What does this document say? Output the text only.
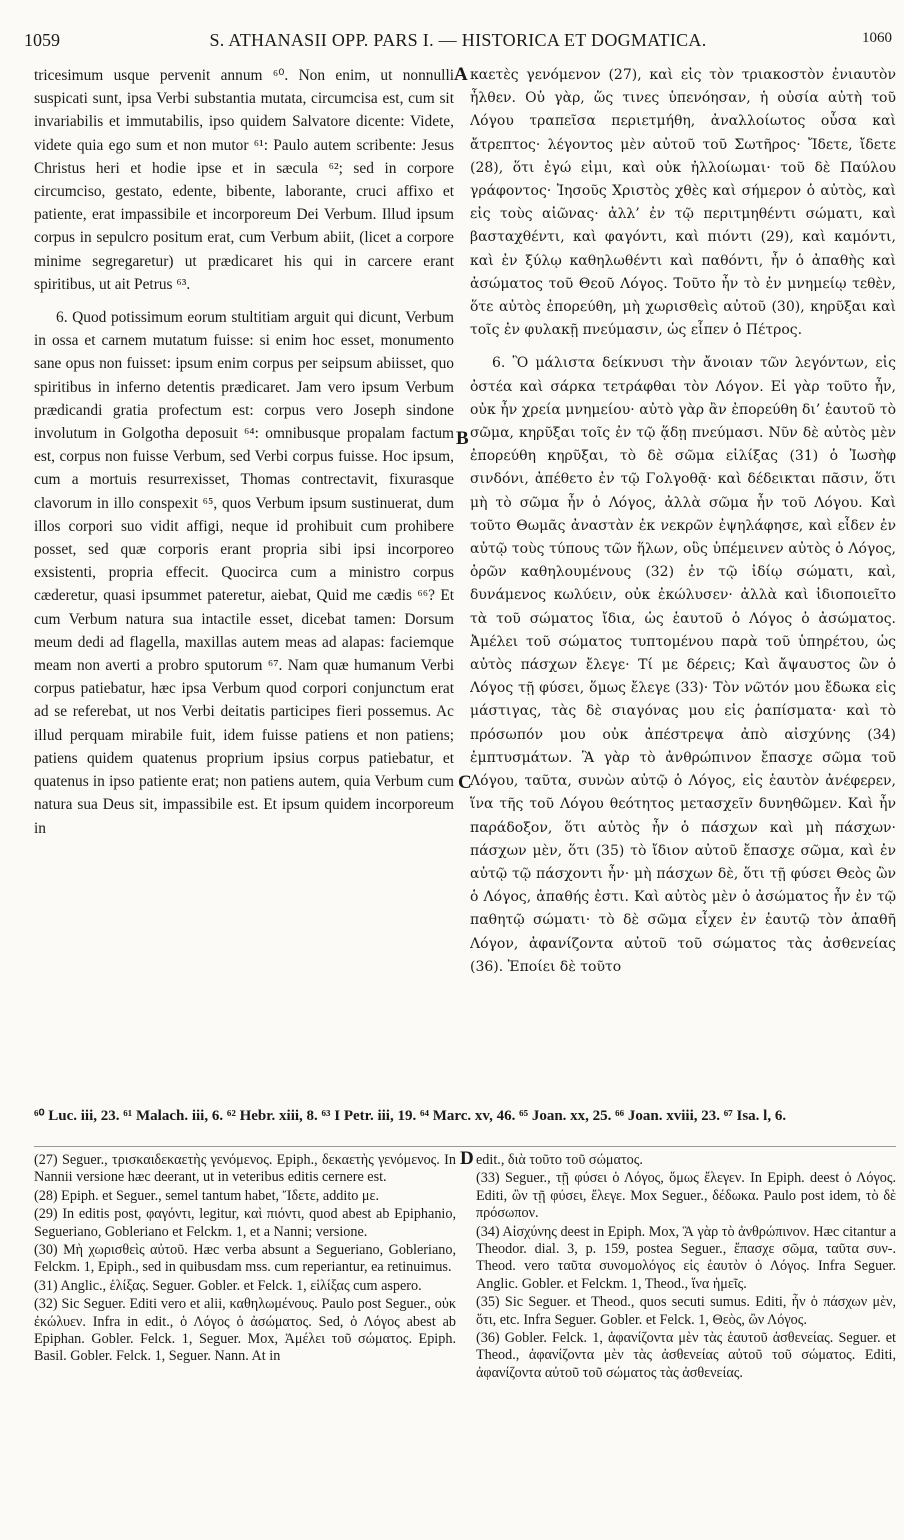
1059	S. ATHANASII OPP. PARS I. — HISTORICA ET DOGMATICA.	1060

tricesimum usque pervenit annum ⁶⁰. Non enim, ut nonnulli suspicati sunt, ipsa Verbi substantia mutata, circumcisa est, cum sit invariabilis et immutabilis, ipso quidem Salvatore dicente: Videte, videte quia ego sum et non mutor ⁶¹: Paulo autem scribente: Jesus Christus heri et hodie ipse et in sæcula ⁶²; sed in corpore circumciso, gestato, edente, bibente, laborante, cruci affixo et patiente, erat impassibile et incorporeum Dei Verbum. Illud ipsum corpus in sepulcro positum erat, cum Verbum abiit, (licet a corpore minime segregaretur) ut prædicaret his qui in carcere erant spiritibus, ut ait Petrus ⁶³.

6. Quod potissimum eorum stultitiam arguit qui dicunt, Verbum in ossa et carnem mutatum fuisse: si enim hoc esset, monumento sane opus non fuisset: ipsum enim corpus per seipsum abiisset, quo spiritibus in inferno detentis prædicaret. Jam vero ipsum Verbum prædicandi gratia profectum est: corpus vero Joseph sindone involutum in Golgotha deposuit ⁶⁴: omnibusque propalam factum est, corpus non fuisse Verbum, sed Verbi corpus fuisse. Hoc ipsum, cum a mortuis resurrexisset, Thomas contrectavit, fixurasque clavorum in illo conspexit ⁶⁵, quos Verbum ipsum sustinuerat, dum illos corpori suo vidit affigi, neque id prohibuit cum prohibere posset, sed quæ corporis erant propria sibi ipsi incorporeo exsistenti, propria effecit. Quocirca cum a ministro corpus cæderetur, quasi ipsummet pateretur, aiebat, Quid me cædis ⁶⁶? Et cum Verbum natura sua intactile esset, dicebat tamen: Dorsum meum dedi ad flagella, maxillas autem meas ad alapas: faciemque meam non averti a probro sputorum ⁶⁷. Nam quæ humanum Verbi corpus patiebatur, hæc ipsa Verbum quod corpori conjunctum erat ad se referebat, ut nos Verbi deitatis participes fieri possemus. Ac illud perquam mirabile fuit, idem fuisse patiens et non patiens; patiens quidem quatenus proprium ipsius corpus patiebatur, et quatenus in ipso patiente erat; non patiens autem, quia Verbum cum natura sua Deus sit, impassibile est. Et ipsum quidem incorporeum in

A
B
C
D

καετὲς γενόμενον (27), καὶ εἰς τὸν τριακοστὸν ἐνιαυτὸν ἦλθεν. Οὐ γὰρ, ὥς τινες ὑπενόησαν, ἡ οὐσία αὐτὴ τοῦ Λόγου τραπεῖσα περιετμήθη, ἀναλλοίωτος οὖσα καὶ ἄτρεπτος· λέγοντος μὲν αὐτοῦ τοῦ Σωτῆρος· Ἴδετε, ἴδετε (28), ὅτι ἐγώ εἰμι, καὶ οὐκ ἠλλοίωμαι· τοῦ δὲ Παύλου γράφοντος· Ἰησοῦς Χριστὸς χθὲς καὶ σήμερον ὁ αὐτὸς, καὶ εἰς τοὺς αἰῶνας· ἀλλ’ ἐν τῷ περιτμηθέντι σώματι, καὶ βασταχθέντι, καὶ φαγόντι, καὶ πιόντι (29), καὶ καμόντι, καὶ ἐν ξύλῳ καθηλωθέντι καὶ παθόντι, ἦν ὁ ἀπαθὴς καὶ ἀσώματος τοῦ Θεοῦ Λόγος. Τοῦτο ἦν τὸ ἐν μνημείῳ τεθὲν, ὅτε αὐτὸς ἐπορεύθη, μὴ χωρισθεὶς αὐτοῦ (30), κηρῦξαι καὶ τοῖς ἐν φυλακῇ πνεύμασιν, ὡς εἶπεν ὁ Πέτρος.

6. Ὃ μάλιστα δείκνυσι τὴν ἄνοιαν τῶν λεγόντων, εἰς ὀστέα καὶ σάρκα τετράφθαι τὸν Λόγον. Εἰ γὰρ τοῦτο ἦν, οὐκ ἦν χρεία μνημείου· αὐτὸ γὰρ ἂν ἐπορεύθη δι’ ἑαυτοῦ τὸ σῶμα, κηρῦξαι τοῖς ἐν τῷ ᾅδῃ πνεύμασι. Νῦν δὲ αὐτὸς μὲν ἐπορεύθη κηρῦξαι, τὸ δὲ σῶμα εἱλίξας (31) ὁ Ἰωσὴφ σινδόνι, ἀπέθετο ἐν τῷ Γολγοθᾷ· καὶ δέδεικται πᾶσιν, ὅτι μὴ τὸ σῶμα ἦν ὁ Λόγος, ἀλλὰ σῶμα ἦν τοῦ Λόγου. Καὶ τοῦτο Θωμᾶς ἀναστὰν ἐκ νεκρῶν ἐψηλάφησε, καὶ εἶδεν ἐν αὐτῷ τοὺς τύπους τῶν ἥλων, οὓς ὑπέμεινεν αὐτὸς ὁ Λόγος, ὁρῶν καθηλουμένους (32) ἐν τῷ ἰδίῳ σώματι, καὶ, δυνάμενος κωλύειν, οὐκ ἐκώλυσεν· ἀλλὰ καὶ ἰδιοποιεῖτο τὰ τοῦ σώματος ἴδια, ὡς ἑαυτοῦ ὁ Λόγος ὁ ἀσώματος. Ἀμέλει τοῦ σώματος τυπτομένου παρὰ τοῦ ὑπηρέτου, ὡς αὐτὸς πάσχων ἔλεγε· Τί με δέρεις; Καὶ ἄψαυστος ὢν ὁ Λόγος τῇ φύσει, ὅμως ἔλεγε (33)· Τὸν νῶτόν μου ἔδωκα εἰς μάστιγας, τὰς δὲ σιαγόνας μου εἰς ῥαπίσματα· καὶ τὸ πρόσωπόν μου οὐκ ἀπέστρεψα ἀπὸ αἰσχύνης (34) ἐμπτυσμάτων. Ἃ γὰρ τὸ ἀνθρώπινον ἔπασχε σῶμα τοῦ Λόγου, ταῦτα, συνὼν αὐτῷ ὁ Λόγος, εἰς ἑαυτὸν ἀνέφερεν, ἵνα τῆς τοῦ Λόγου θεότητος μετασχεῖν δυνηθῶμεν. Καὶ ἦν παράδοξον, ὅτι αὐτὸς ἦν ὁ πάσχων καὶ μὴ πάσχων· πάσχων μὲν, ὅτι (35) τὸ ἴδιον αὐτοῦ ἔπασχε σῶμα, καὶ ἐν αὐτῷ τῷ πάσχοντι ἦν· μὴ πάσχων δὲ, ὅτι τῇ φύσει Θεὸς ὢν ὁ Λόγος, ἀπαθής ἐστι. Καὶ αὐτὸς μὲν ὁ ἀσώματος ἦν ἐν τῷ παθητῷ σώματι· τὸ δὲ σῶμα εἶχεν ἐν ἑαυτῷ τὸν ἀπαθῆ Λόγον, ἀφανίζοντα αὐτοῦ τοῦ σώματος τὰς ἀσθενείας (36). Ἐποίει δὲ τοῦτο

⁶⁰ Luc. iii, 23. ⁶¹ Malach. iii, 6. ⁶² Hebr. xiii, 8. ⁶³ I Petr. iii, 19. ⁶⁴ Marc. xv, 46. ⁶⁵ Joan. xx, 25. ⁶⁶ Joan. xviii, 23. ⁶⁷ Isa. l, 6.
(27) Seguer., τρισκαιδεκαετὴς γενόμενος. Epiph., δεκαετὴς γενόμενος. In Nannii versione hæc deerant, ut in veteribus editis cernere est.
(28) Epiph. et Seguer., semel tantum habet, Ἴδετε, addito με.
(29) In editis post, φαγόντι, legitur, καὶ πιόντι, quod abest ab Epiphanio, Segueriano, Gobleriano et Felckm. 1, et a Nanni; versione.
(30) Μὴ χωρισθεὶς αὐτοῦ. Hæc verba absunt a Segueriano, Gobleriano, Felckm. 1, Epiph., sed in quibusdam mss. cum reperiantur, ea retinuimus.
(31) Anglic., ἑλίξας. Seguer. Gobler. et Felck. 1, εἱλίξας cum aspero.
(32) Sic Seguer. Editi vero et alii, καθηλωμένους. Paulo post Seguer., οὐκ ἐκώλυεν. Infra in edit., ὁ Λόγος ὁ ἀσώματος. Sed, ὁ Λόγος abest ab Epiphan. Gobler. Felck. 1, Seguer. Mox, Ἀμέλει τοῦ σώματος. Epiph. Basil. Gobler. Felck. 1, Seguer. Nann. At in
edit., διὰ τοῦτο τοῦ σώματος.
(33) Seguer., τῇ φύσει ὁ Λόγος, ὅμως ἔλεγεν. In Epiph. deest ὁ Λόγος. Editi, ὢν τῇ φύσει, ἔλεγε. Mox Seguer., δέδωκα. Paulo post idem, τὸ δὲ πρόσωπον.
(34) Αἰσχύνης deest in Epiph. Mox, Ἃ γὰρ τὸ ἀνθρώπινον. Hæc citantur a Theodor. dial. 3, p. 159, postea Seguer., ἔπασχε σῶμα, ταῦτα συν-. Theod. vero ταῦτα συνομολόγος εἰς ἑαυτὸν ὁ Λόγος. Infra Seguer. Anglic. Gobler. et Felckm. 1, Theod., ἵνα ἡμεῖς.
(35) Sic Seguer. et Theod., quos secuti sumus. Editi, ἦν ὁ πάσχων μὲν, ὅτι, etc. Infra Seguer. Gobler. et Felck. 1, Θεὸς, ὢν Λόγος.
(36) Gobler. Felck. 1, ἀφανίζοντα μὲν τὰς ἑαυτοῦ ἀσθενείας. Seguer. et Theod., ἀφανίζοντα μὲν τὰς ἀσθενείας αὐτοῦ τοῦ σώματος. Editi, ἀφανίζοντα αὐτοῦ τοῦ σώματος τὰς ἀσθενείας.
